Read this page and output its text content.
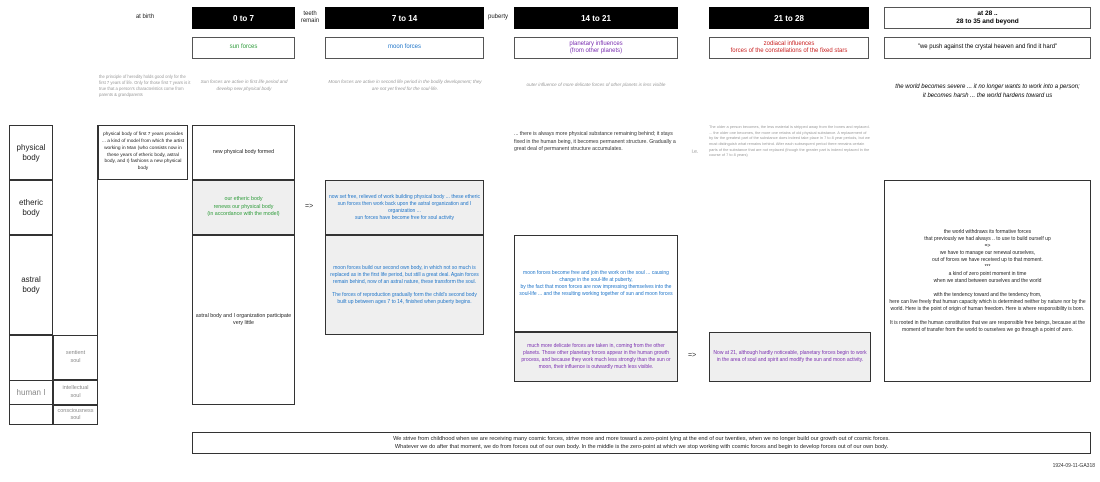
at birth
teeth
remain
puberty
0 to 7	7 to 14	14 to 21	21 to 28
at 28 ..
28 to 35 and beyond
sun forces	moon forces
planetary influences
(from other planets)
zodiacal influences
forces of the constellations of the fixed stars
"we push against the crystal heaven and find it hard"
the principle of heredity holds good only for the first 7 years of life. Only for those first 7 years is it true that a person's characteristics come from parents & grandparents
Sun forces are active in first life period and develop new physical body
Moon forces are active in second life period in the bodily development; they are not yet freed for the soul-life.
outer influence of more delicate forces of other planets is less visible
The older a person becomes, the less material is stripped away from the bones and replaced. ... the older one becomes, the more one retains of old physical substance. A replacement of by far the greatest part of the substance does indeed take place in 7 to 8 year periods, but we must distinguish what remains behind. After each subsequent period there remains certain parts of the substance that are not replaced (though the greater part is indeed replaced in the course of 7 to 8 years)
i.e.
the world becomes severe ... it no longer wants to work into a person;
it becomes harsh ... the world hardens toward us
physical
body
etheric
body
astral
body
human I
sentient
soul
intellectual
soul
consciousness
soul
physical body of first 7 years provides ... a kind of model from which the artist working in Man (who consists now in these years of etheric body, astral body, and I) fashions a new physical body
new physical body formed
our etheric body
renews our physical body
(in accordance with the model)
astral body and I organization participate very little
=>
now set free, relieved of work building physical body ... these etheric sun forces then work back upon the astral organization and I organization ...
sun forces have become free for soul activity
moon forces build our second own body, in which not so much is replaced as in the first life period, but still a great deal. Again forces remain behind, now of an astral nature, these transform the soul.
The forces of reproduction gradually form the child's second body built up between ages 7 to 14, finished when puberty begins.
... there is always more physical substance remaining behind; it stays fixed in the human being, it becomes permanent structure. Gradually a great deal of permanent structure accumulates.
moon forces become free and join the work on the soul ... causing change in the soul-life at puberty,
by the fact that moon forces are now impressing themselves into the soul-life ... and the resulting working together of sun and moon forces
much more delicate forces are taken in, coming from the other planets. Those other planetary forces appear in the human growth process, and because they work much less strongly than the sun or moon, their influence is outwardly much less visible.
=>	Now at 21, although hardly noticeable, planetary forces begin to work in the area of soul and spirit and modify the sun and moon activity.
the world withdraws its formative forces
that previously we had always .. to use to build ourself up
=>
we have to manage our renewal ourselves,
out of forces we have received up to that moment.
***
a kind of zero point moment in time
when we stand between ourselves and the world

with the tendency toward and the tendency from,
here can live freely that human capacity which is determined neither by nature nor by the world. Here is the point of origin of human freedom. Here is where responsibility is born.

It is rooted in the human constitution that we are responsible free beings, because at the moment of transfer from the world to ourselves we go through a point of zero.
We strive from childhood when we are receiving many cosmic forces, strive more and more toward a zero-point lying at the end of our twenties, when we no longer build our growth out of cosmic forces.
Whatever we do after that moment, we do from forces out of our own body. In the middle is the zero-point at which we stop working with cosmic forces and begin to develop forces out of our own body.
1924-09-11-GA318
